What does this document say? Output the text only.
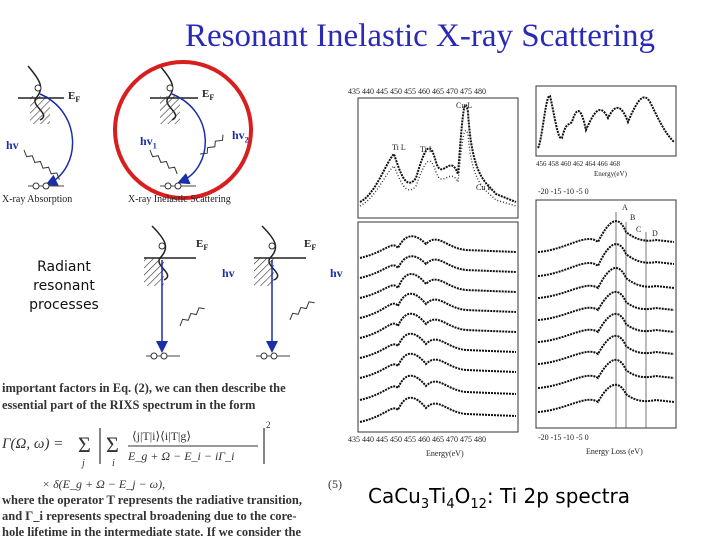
Resonant Inelastic X-ray Scattering
$E_F$
hv
X-ray Absorption
$E_F$
$hv_1$
$hv_2$
X-ray Inelastic Scattering
$E_F$
hv
$E_F$
hv
Radiant
resonant
processes
important factors in Eq. (2), we can then describe the
essential part of the RIXS spectrum in the form
Γ(Ω, ω) = Σ
j
Σ
i
⟨j|T|i⟩⟨i|T|g⟩
E_g + Ω − E_i − iΓ_i
2
× δ(E_g + Ω − E_j − ω),	(5)
where the operator T represents the radiative transition,
and Γ_i represents spectral broadening due to the core-
hole lifetime in the intermediate state. If we consider the
435 440 445 450 455 460 465 470 475 480
Ti L Ti L
Cu L
Cu L
435 440 445 450 455 460 465 470 475 480
Energy(eV)
456 458 460 462 464 466 468
Energy(eV)
-20 -15 -10 -5 0
A
B
C D
-20 -15 -10 -5 0
Energy Loss (eV)
$CaCu_3Ti_4O_{12}$: Ti 2p spectra
